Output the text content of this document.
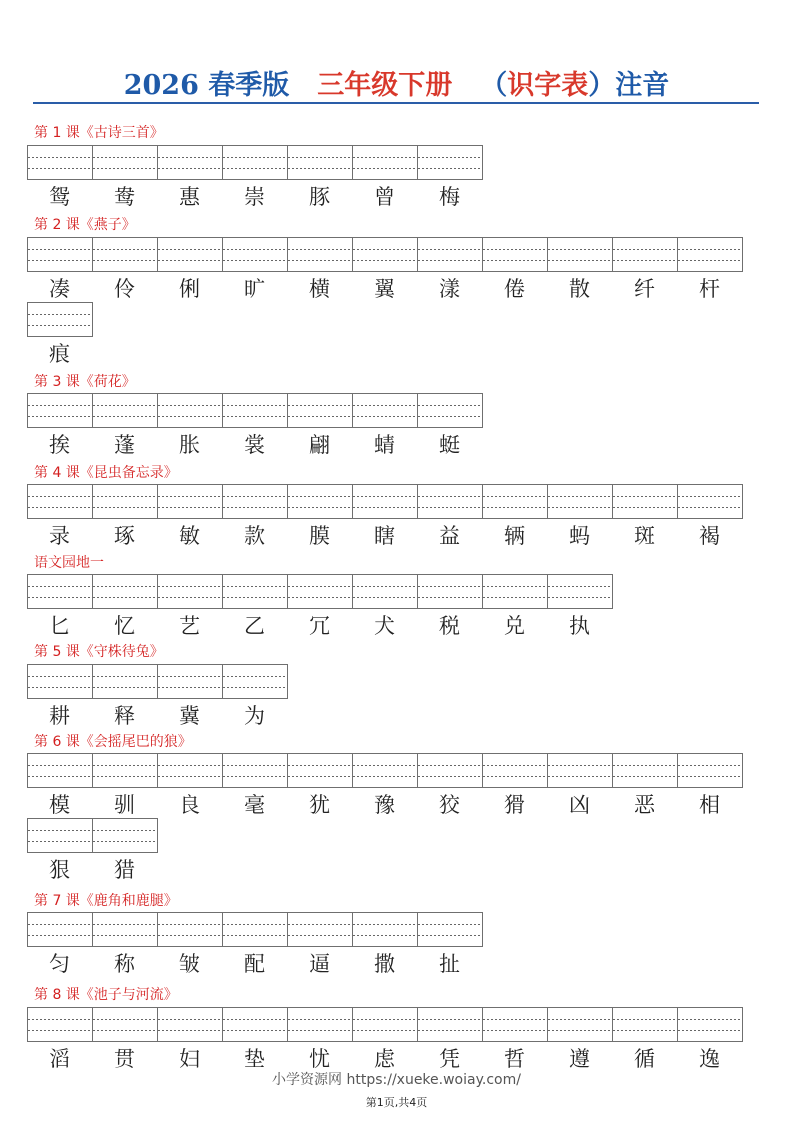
2026 春季版 三年级下册 （识字表）注音
第 1 课《古诗三首》
鸳	鸯	惠	崇	豚	曾	梅
第 2 课《燕子》
凑	伶	俐	旷	横	翼	漾	倦	散	纤	杆
痕
第 3 课《荷花》
挨	蓬	胀	裳	翩	蜻	蜓
第 4 课《昆虫备忘录》
录	琢	敏	款	膜	瞎	益	辆	蚂	斑	褐
语文园地一
匕	忆	艺	乙	冗	犬	税	兑	执
第 5 课《守株待兔》
耕	释	冀	为
第 6 课《会摇尾巴的狼》
模	驯	良	毫	犹	豫	狡	猾	凶	恶	相
狠	猎
第 7 课《鹿角和鹿腿》
匀	称	皱	配	逼	撒	扯
第 8 课《池子与河流》
滔	贯	妇	垫	忧	虑	凭	哲	遵	循	逸
小学资源网 https://xueke.woiay.com/
第1页,共4页
